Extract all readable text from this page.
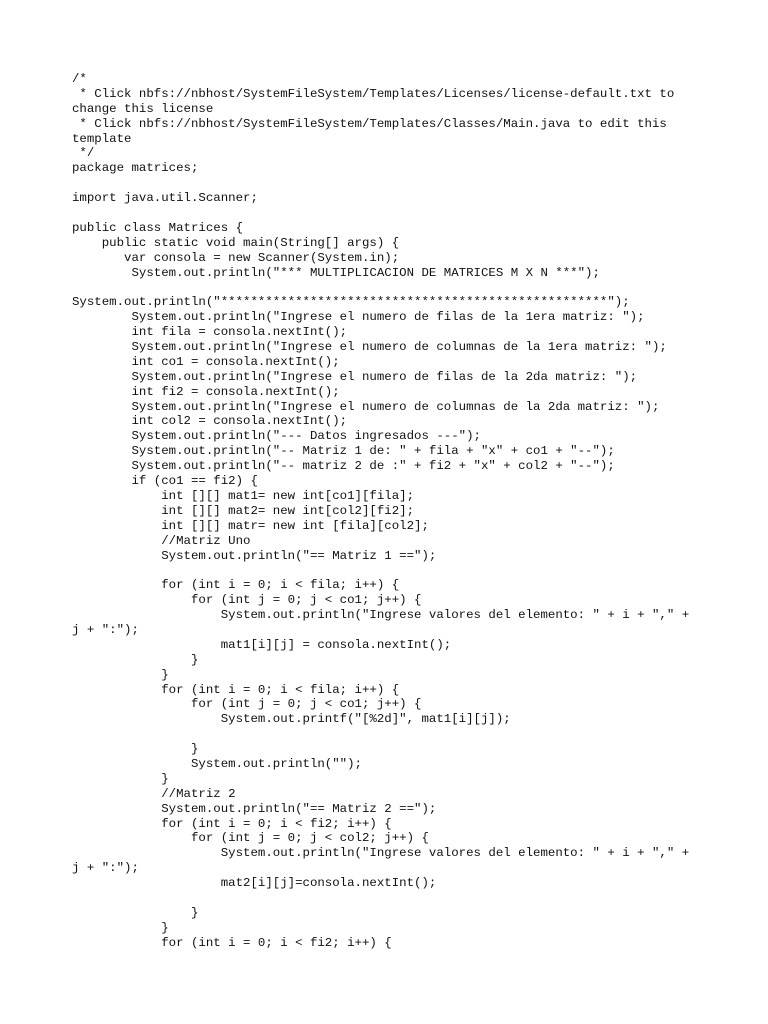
/*
* Click nbfs://nbhost/SystemFileSystem/Templates/Licenses/license-default.txt to
change this license
* Click nbfs://nbhost/SystemFileSystem/Templates/Classes/Main.java to edit this
template
*/
package matrices;
import java.util.Scanner;
public class Matrices {
public static void main(String[] args) {
var consola = new Scanner(System.in);
System.out.println("*** MULTIPLICACION DE MATRICES M X N ***");
System.out.println("****************************************************");
System.out.println("Ingrese el numero de filas de la 1era matriz: ");
int fila = consola.nextInt();
System.out.println("Ingrese el numero de columnas de la 1era matriz: ");
int co1 = consola.nextInt();
System.out.println("Ingrese el numero de filas de la 2da matriz: ");
int fi2 = consola.nextInt();
System.out.println("Ingrese el numero de columnas de la 2da matriz: ");
int col2 = consola.nextInt();
System.out.println("--- Datos ingresados ---");
System.out.println("-- Matriz 1 de: " + fila + "x" + co1 + "--");
System.out.println("-- matriz 2 de :" + fi2 + "x" + col2 + "--");
if (co1 == fi2) {
int [][] mat1= new int[co1][fila];
int [][] mat2= new int[col2][fi2];
int [][] matr= new int [fila][col2];
//Matriz Uno
System.out.println("== Matriz 1 ==");
for (int i = 0; i < fila; i++) {
for (int j = 0; j < co1; j++) {
System.out.println("Ingrese valores del elemento: " + i + "," +
j + ":");
mat1[i][j] = consola.nextInt();
}
}
for (int i = 0; i < fila; i++) {
for (int j = 0; j < co1; j++) {
System.out.printf("[%2d]", mat1[i][j]);
}
System.out.println("");
}
//Matriz 2
System.out.println("== Matriz 2 ==");
for (int i = 0; i < fi2; i++) {
for (int j = 0; j < col2; j++) {
System.out.println("Ingrese valores del elemento: " + i + "," +
j + ":");
mat2[i][j]=consola.nextInt();
}
}
for (int i = 0; i < fi2; i++) {
